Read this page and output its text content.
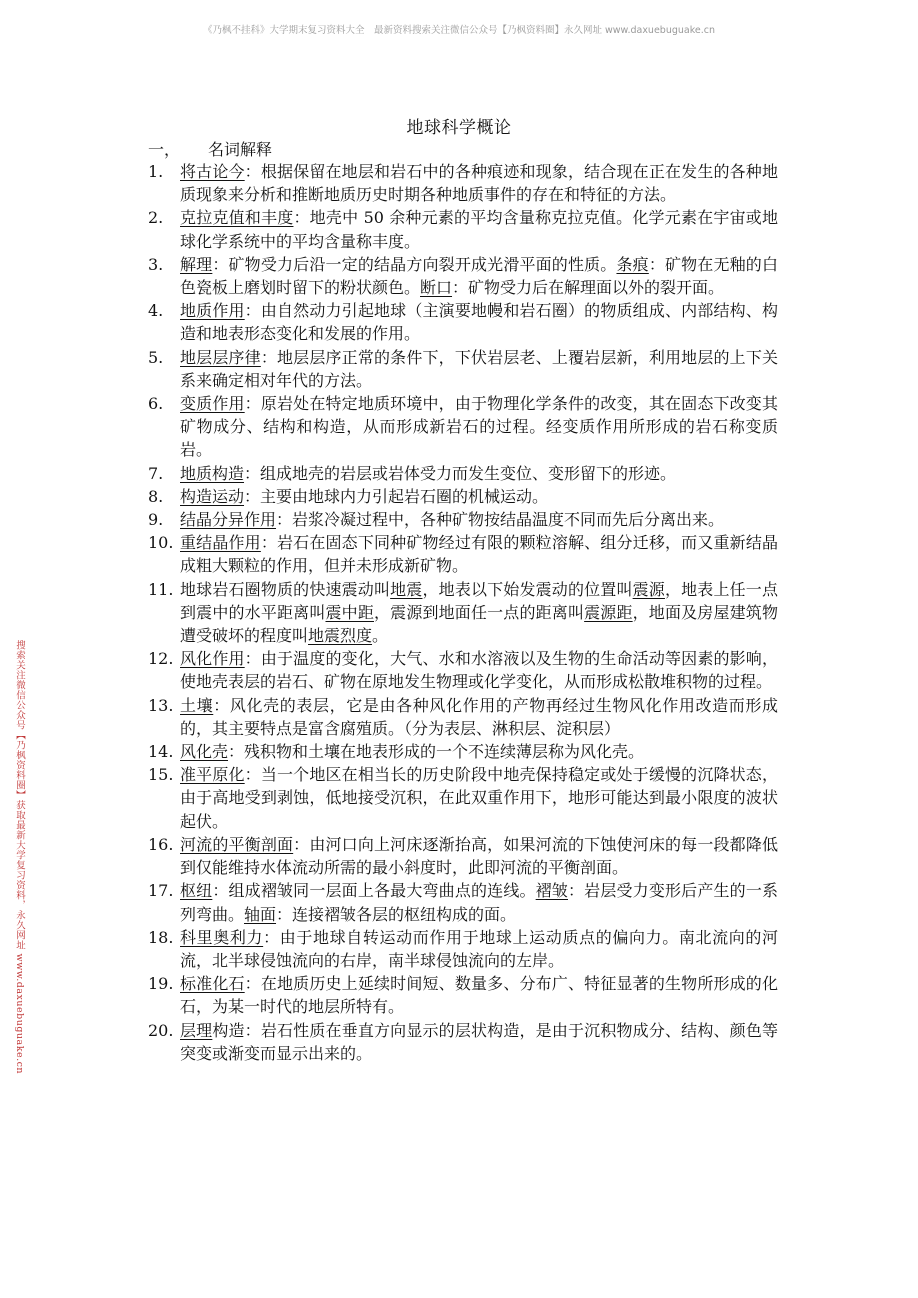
《乃枫不挂科》大学期末复习资料大全　最新资料搜索关注微信公众号【乃枫资料圈】永久网址 www.daxuebuguake.cn
搜索关注微信公众号【乃枫资料圈】获取最新大学复习资料，永久网址 www.daxuebuguake.cn
地球科学概论
一， 名词解释
1. 将古论今：根据保留在地层和岩石中的各种痕迹和现象，结合现在正在发生的各种地质现象来分析和推断地质历史时期各种地质事件的存在和特征的方法。
2. 克拉克值和丰度：地壳中 50 余种元素的平均含量称克拉克值。化学元素在宇宙或地球化学系统中的平均含量称丰度。
3. 解理：矿物受力后沿一定的结晶方向裂开成光滑平面的性质。条痕：矿物在无釉的白色瓷板上磨划时留下的粉状颜色。断口：矿物受力后在解理面以外的裂开面。
4. 地质作用：由自然动力引起地球（主演要地幔和岩石圈）的物质组成、内部结构、构造和地表形态变化和发展的作用。
5. 地层层序律：地层层序正常的条件下，下伏岩层老、上覆岩层新，利用地层的上下关系来确定相对年代的方法。
6. 变质作用：原岩处在特定地质环境中，由于物理化学条件的改变，其在固态下改变其矿物成分、结构和构造，从而形成新岩石的过程。经变质作用所形成的岩石称变质岩。
7. 地质构造：组成地壳的岩层或岩体受力而发生变位、变形留下的形迹。
8. 构造运动：主要由地球内力引起岩石圈的机械运动。
9. 结晶分异作用：岩浆冷凝过程中，各种矿物按结晶温度不同而先后分离出来。
10. 重结晶作用：岩石在固态下同种矿物经过有限的颗粒溶解、组分迁移，而又重新结晶成粗大颗粒的作用，但并未形成新矿物。
11. 地球岩石圈物质的快速震动叫地震，地表以下始发震动的位置叫震源，地表上任一点到震中的水平距离叫震中距，震源到地面任一点的距离叫震源距，地面及房屋建筑物遭受破坏的程度叫地震烈度。
12. 风化作用：由于温度的变化，大气、水和水溶液以及生物的生命活动等因素的影响，使地壳表层的岩石、矿物在原地发生物理或化学变化，从而形成松散堆积物的过程。
13. 土壤：风化壳的表层，它是由各种风化作用的产物再经过生物风化作用改造而形成的，其主要特点是富含腐殖质。（分为表层、淋积层、淀积层）
14. 风化壳：残积物和土壤在地表形成的一个不连续薄层称为风化壳。
15. 准平原化：当一个地区在相当长的历史阶段中地壳保持稳定或处于缓慢的沉降状态，由于高地受到剥蚀，低地接受沉积，在此双重作用下，地形可能达到最小限度的波状起伏。
16. 河流的平衡剖面：由河口向上河床逐渐抬高，如果河流的下蚀使河床的每一段都降低到仅能维持水体流动所需的最小斜度时，此即河流的平衡剖面。
17. 枢纽：组成褶皱同一层面上各最大弯曲点的连线。褶皱：岩层受力变形后产生的一系列弯曲。轴面：连接褶皱各层的枢纽构成的面。
18. 科里奥利力：由于地球自转运动而作用于地球上运动质点的偏向力。南北流向的河流，北半球侵蚀流向的右岸，南半球侵蚀流向的左岸。
19. 标准化石：在地质历史上延续时间短、数量多、分布广、特征显著的生物所形成的化石，为某一时代的地层所特有。
20. 层理构造：岩石性质在垂直方向显示的层状构造，是由于沉积物成分、结构、颜色等突变或渐变而显示出来的。
